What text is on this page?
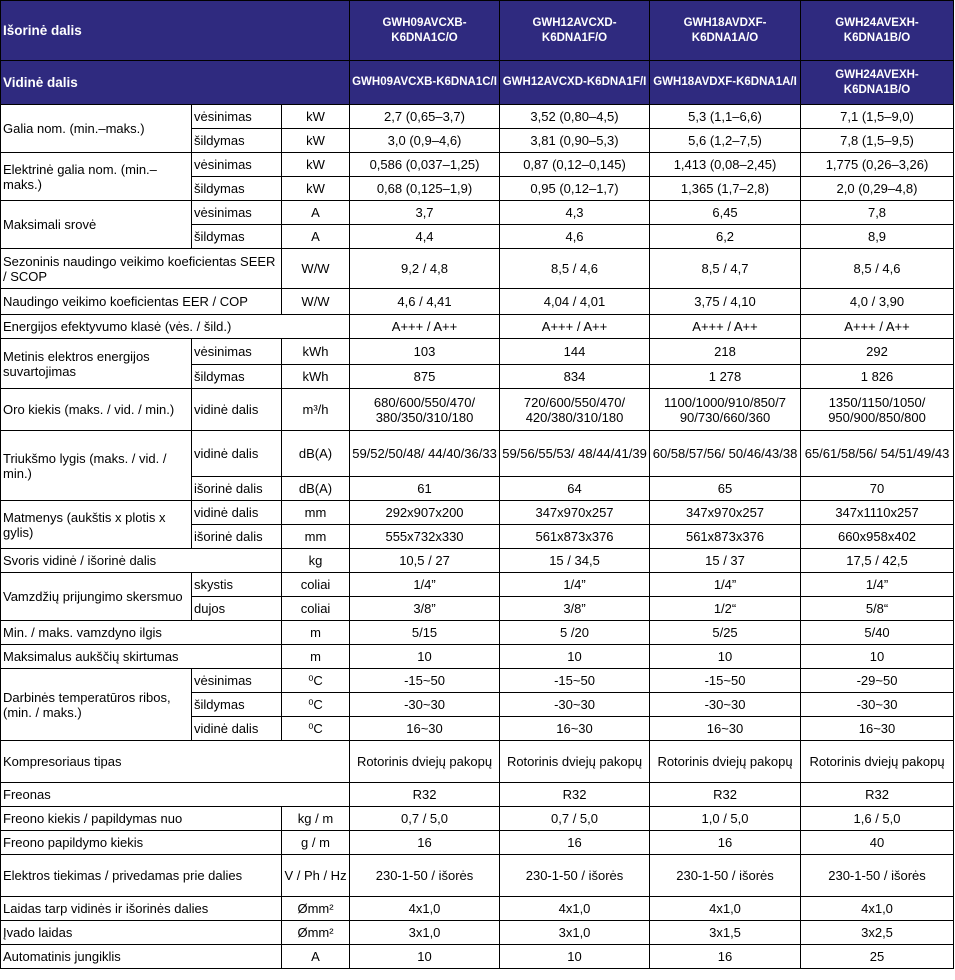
Išorinė dalis			GWH09AVCXB-K6DNA1C/O	GWH12AVCXD-K6DNA1F/O	GWH18AVDXF-K6DNA1A/O	GWH24AVEXH-K6DNA1B/O
Vidinė dalis			GWH09AVCXB-K6DNA1C/I	GWH12AVCXD-K6DNA1F/I	GWH18AVDXF-K6DNA1A/I	GWH24AVEXH-K6DNA1B/O
Galia nom. (min.–maks.)	vėsinimas	kW	2,7 (0,65–3,7)	3,52 (0,80–4,5)	5,3 (1,1–6,6)	7,1 (1,5–9,0)
	šildymas	kW	3,0 (0,9–4,6)	3,81 (0,90–5,3)	5,6 (1,2–7,5)	7,8 (1,5–9,5)
Elektrinė galia nom. (min.–maks.)	vėsinimas	kW	0,586 (0,037–1,25)	0,87 (0,12–0,145)	1,413 (0,08–2,45)	1,775 (0,26–3,26)
	šildymas	kW	0,68 (0,125–1,9)	0,95 (0,12–1,7)	1,365 (1,7–2,8)	2,0 (0,29–4,8)
Maksimali srovė	vėsinimas	A	3,7	4,3	6,45	7,8
	šildymas	A	4,4	4,6	6,2	8,9
Sezoninis naudingo veikimo koeficientas SEER / SCOP		W/W	9,2 / 4,8	8,5 / 4,6	8,5 / 4,7	8,5 / 4,6
Naudingo veikimo koeficientas EER / COP		W/W	4,6 / 4,41	4,04 / 4,01	3,75 / 4,10	4,0 / 3,90
Energijos efektyvumo klasė (vės. / šild.)			A+++ / A++	A+++ / A++	A+++ / A++	A+++ / A++
Metinis elektros energijos suvartojimas	vėsinimas	kWh	103	144	218	292
	šildymas	kWh	875	834	1 278	1 826
Oro kiekis (maks. / vid. / min.)	vidinė dalis	m³/h	680/600/550/470/ 380/350/310/180	720/600/550/470/ 420/380/310/180	1100/1000/910/850/7 90/730/660/360	1350/1150/1050/ 950/900/850/800
Triukšmo lygis (maks. / vid. / min.)	vidinė dalis	dB(A)	59/52/50/48/ 44/40/36/33	59/56/55/53/ 48/44/41/39	60/58/57/56/ 50/46/43/38	65/61/58/56/ 54/51/49/43
	išorinė dalis	dB(A)	61	64	65	70
Matmenys (aukštis x plotis x gylis)	vidinė dalis	mm	292x907x200	347x970x257	347x970x257	347x1110x257
	išorinė dalis	mm	555x732x330	561x873x376	561x873x376	660x958x402
Svoris vidinė / išorinė dalis		kg	10,5 / 27	15 / 34,5	15 / 37	17,5 / 42,5
Vamzdžių prijungimo skersmuo	skystis	coliai	1/4”	1/4”	1/4”	1/4”
	dujos	coliai	3/8”	3/8”	1/2“	5/8“
Min. / maks. vamzdyno ilgis		m	5/15	5 /20	5/25	5/40
Maksimalus aukščių skirtumas		m	10	10	10	10
Darbinės temperatūros ribos, (min. / maks.)	vėsinimas	⁰C	-15~50	-15~50	-15~50	-29~50
	šildymas	⁰C	-30~30	-30~30	-30~30	-30~30
	vidinė dalis	⁰C	16~30	16~30	16~30	16~30
Kompresoriaus tipas			Rotorinis dviejų pakopų	Rotorinis dviejų pakopų	Rotorinis dviejų pakopų	Rotorinis dviejų pakopų
Freonas			R32	R32	R32	R32
Freono kiekis / papildymas nuo		kg / m	0,7 / 5,0	0,7 / 5,0	1,0 / 5,0	1,6 / 5,0
Freono papildymo kiekis		g / m	16	16	16	40
Elektros tiekimas / privedamas prie dalies		V / Ph / Hz	230-1-50 / išorės	230-1-50 / išorės	230-1-50 / išorės	230-1-50 / išorės
Laidas tarp vidinės ir išorinės dalies		Ømm²	4x1,0	4x1,0	4x1,0	4x1,0
Įvado laidas		Ømm²	3x1,0	3x1,0	3x1,5	3x2,5
Automatinis jungiklis		A	10	10	16	25
